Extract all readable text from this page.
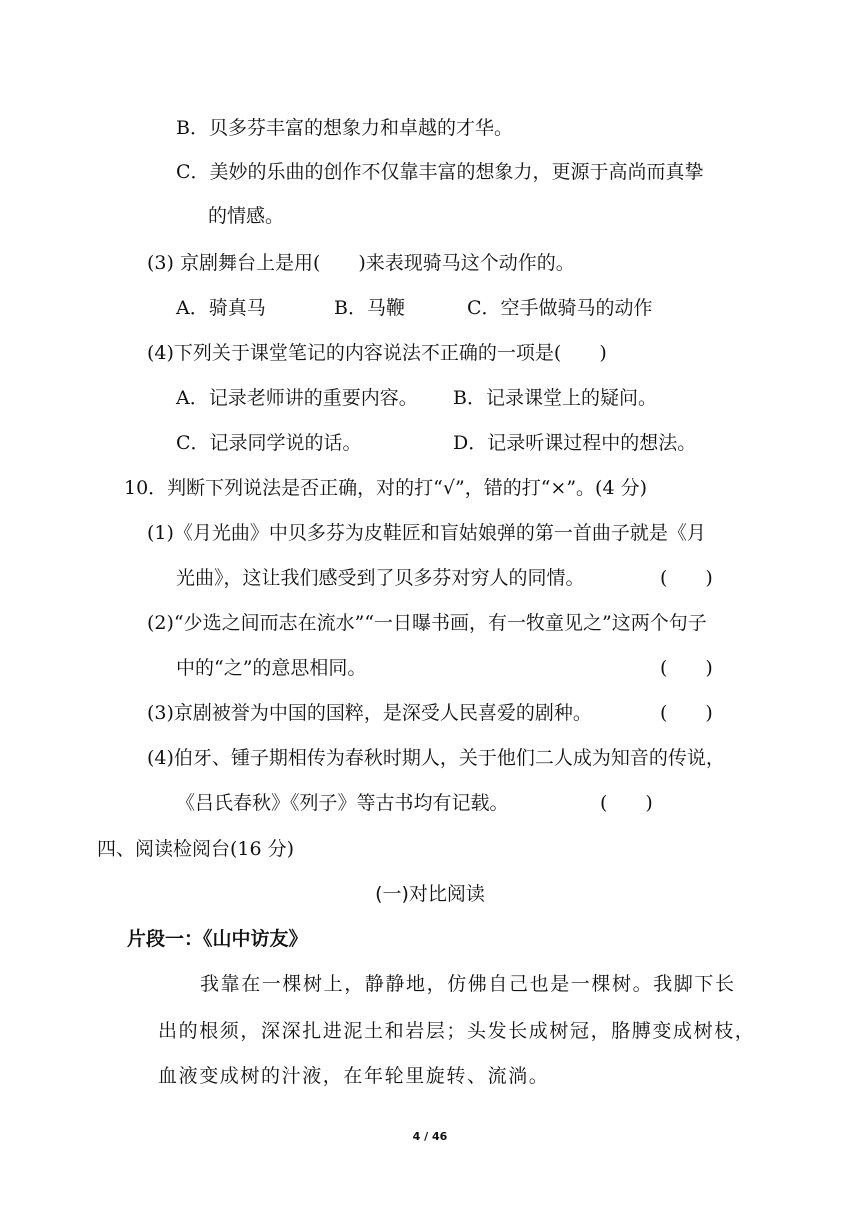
B．贝多芬丰富的想象力和卓越的才华。
C．美妙的乐曲的创作不仅靠丰富的想象力，更源于高尚而真挚
的情感。
(3) 京剧舞台上是用(　　)来表现骑马这个动作的。
A．骑真马	B．马鞭	C．空手做骑马的动作
(4)下列关于课堂笔记的内容说法不正确的一项是(　　)
A．记录老师讲的重要内容。 B．记录课堂上的疑问。
C．记录同学说的话。	D．记录听课过程中的想法。
10．判断下列说法是否正确，对的打“√”，错的打“×”。(4 分)
(1)《月光曲》中贝多芬为皮鞋匠和盲姑娘弹的第一首曲子就是《月
光曲》，这让我们感受到了贝多芬对穷人的同情。	(　　)
(2)“少选之间而志在流水”“一日曝书画，有一牧童见之”这两个句子
中的“之”的意思相同。	(　　)
(3)京剧被誉为中国的国粹，是深受人民喜爱的剧种。	(　　)
(4)伯牙、锺子期相传为春秋时期人，关于他们二人成为知音的传说，
《吕氏春秋》《列子》等古书均有记载。	(　　)
四、阅读检阅台(16 分)
(一)对比阅读
片段一：《山中访友》
我靠在一棵树上，静静地，仿佛自己也是一棵树。我脚下长
出的根须，深深扎进泥土和岩层；头发长成树冠，胳膊变成树枝，
血液变成树的汁液，在年轮里旋转、流淌。
4 / 46
